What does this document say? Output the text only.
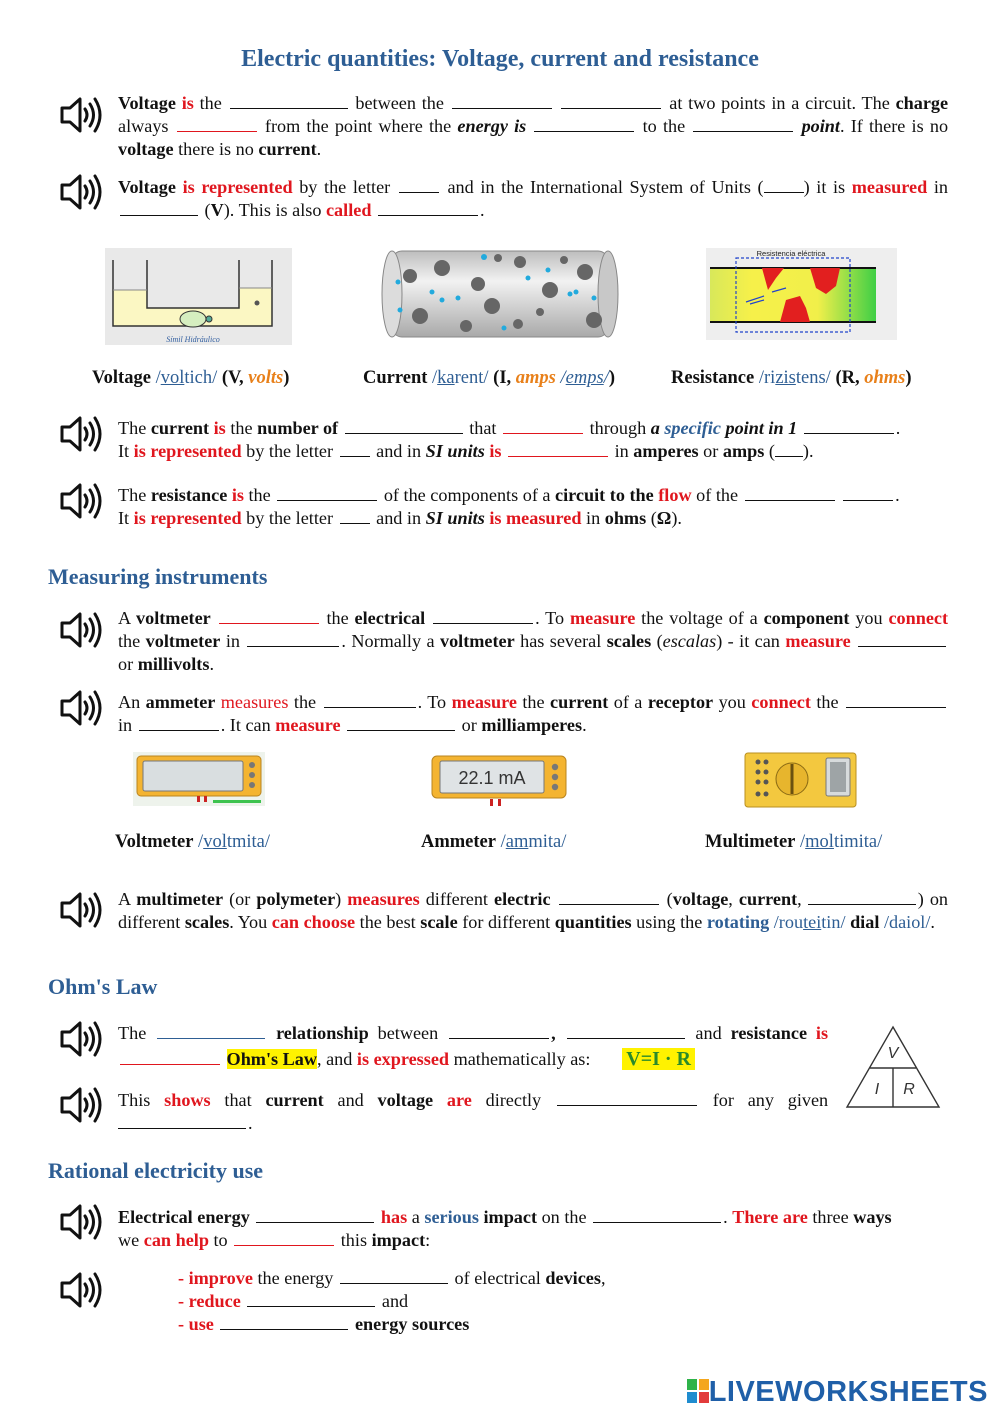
Electric quantities: Voltage, current and resistance
Voltage is the	between the	at two points in a circuit. The charge always	from the point where the energy is	to the	point. If there is no voltage there is no current.
Voltage is represented by the letter	and in the International System of Units ( ) it is measured in  (V). This is also called	.
Símil Hidráulico
Resistencia eléctrica
Voltage /voltich/ (V, volts)	Current /karent/ (I, amps /emps/)	Resistance /rizistens/ (R, ohms)
The current is the number of	that	through a specific point in 1	.
It is represented by the letter and in SI units is	in amperes or amps ( ).
The resistance is the	of the components of a circuit to the flow of the	.
It is represented by the letter and in SI units is measured in ohms (Ω).
Measuring instruments
A voltmeter	the electrical	. To measure the voltage of a component you connect the voltmeter in	. Normally a voltmeter has several scales (escalas) - it can measure  or millivolts.
An ammeter measures the	. To measure the current of a receptor you connect the  in	. It can measure	or milliamperes.
22.1 mA
Voltmeter /voltmita/	Ammeter /ammita/	Multimeter /moltimita/
A multimeter (or polymeter) measures different electric	(voltage, current,	) on different scales. You can choose the best scale for different quantities using the rotating /routeitin/ dial /daiol/.
Ohm's Law
The	relationship between	,	and resistance is  Ohm's Law, and is expressed mathematically as: V=I · R	V
I R
This shows that current and voltage are directly	for any given .
Rational electricity use
Electrical energy	has a serious impact on the	. There are three ways
we can help to	this impact:
- improve the energy	of electrical devices,
- reduce	and
- use	energy sources
LIVEWORKSHEETS
